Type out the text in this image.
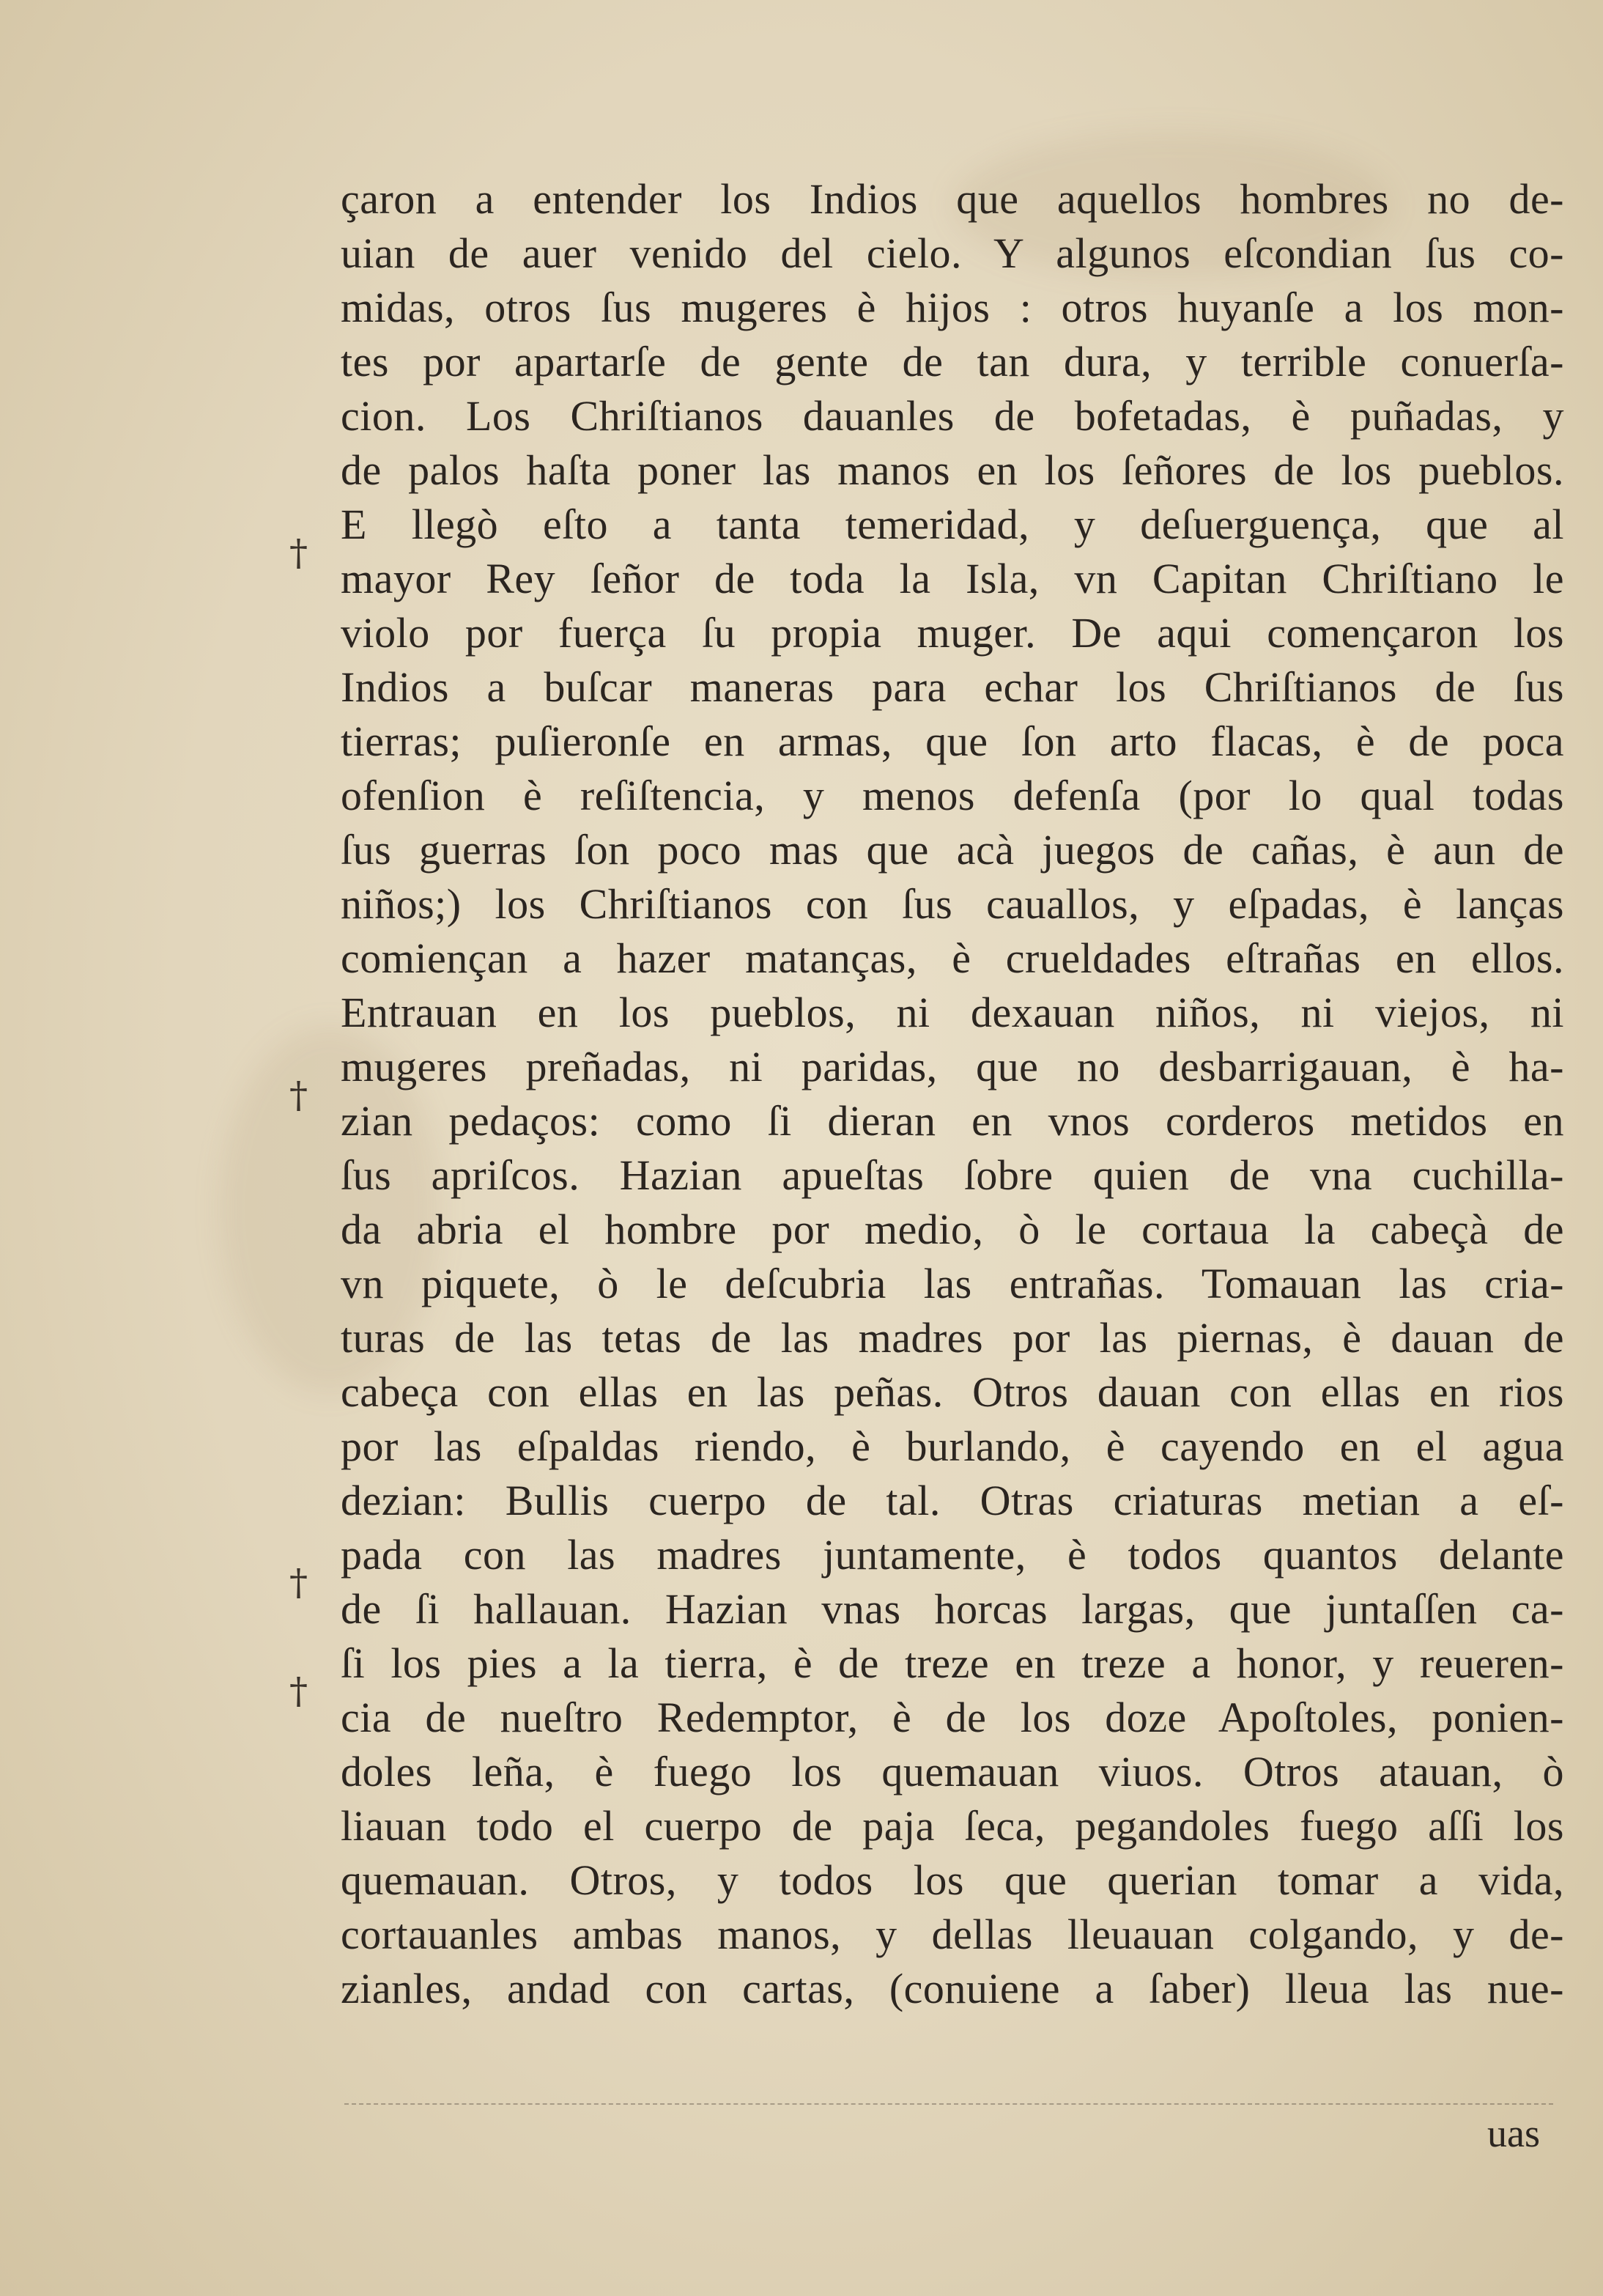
çaron a entender los Indios que aquellos hombres no de-
uian de auer venido del cielo. Y algunos eſcondian ſus co-
midas, otros ſus mugeres è hijos : otros huyanſe a los mon-
tes por apartarſe de gente de tan dura, y terrible conuerſa-
cion. Los Chriſtianos dauanles de bofetadas, è puñadas, y
de palos haſta poner las manos en los ſeñores de los pueblos.
E llegò eſto a tanta temeridad, y deſuerguença, que al
mayor Rey ſeñor de toda la Isla, vn Capitan Chriſtiano le
violo por fuerça ſu propia muger. De aqui començaron los
Indios a buſcar maneras para echar los Chriſtianos de ſus
tierras; puſieronſe en armas, que ſon arto flacas, è de poca
ofenſion è reſiſtencia, y menos defenſa (por lo qual todas
ſus guerras ſon poco mas que acà juegos de cañas, è aun de
niños;) los Chriſtianos con ſus cauallos, y eſpadas, è lanças
comiençan a hazer matanças, è crueldades eſtrañas en ellos.
Entrauan en los pueblos, ni dexauan niños, ni viejos, ni
mugeres preñadas, ni paridas, que no desbarrigauan, è ha-
zian pedaços: como ſi dieran en vnos corderos metidos en
ſus apriſcos. Hazian apueſtas ſobre quien de vna cuchilla-
da abria el hombre por medio, ò le cortaua la cabeçà de
vn piquete, ò le deſcubria las entrañas. Tomauan las cria-
turas de las tetas de las madres por las piernas, è dauan de
cabeça con ellas en las peñas. Otros dauan con ellas en rios
por las eſpaldas riendo, è burlando, è cayendo en el agua
dezian: Bullis cuerpo de tal. Otras criaturas metian a eſ-
pada con las madres juntamente, è todos quantos delante
de ſi hallauan. Hazian vnas horcas largas, que juntaſſen ca-
ſi los pies a la tierra, è de treze en treze a honor, y reueren-
cia de nueſtro Redemptor, è de los doze Apoſtoles, ponien-
doles leña, è fuego los quemauan viuos. Otros atauan, ò
liauan todo el cuerpo de paja ſeca, pegandoles fuego aſſi los
quemauan. Otros, y todos los que querian tomar a vida,
cortauanles ambas manos, y dellas lleuauan colgando, y de-
zianles, andad con cartas, (conuiene a ſaber) lleua las nue-
†
†
†
†
uas
